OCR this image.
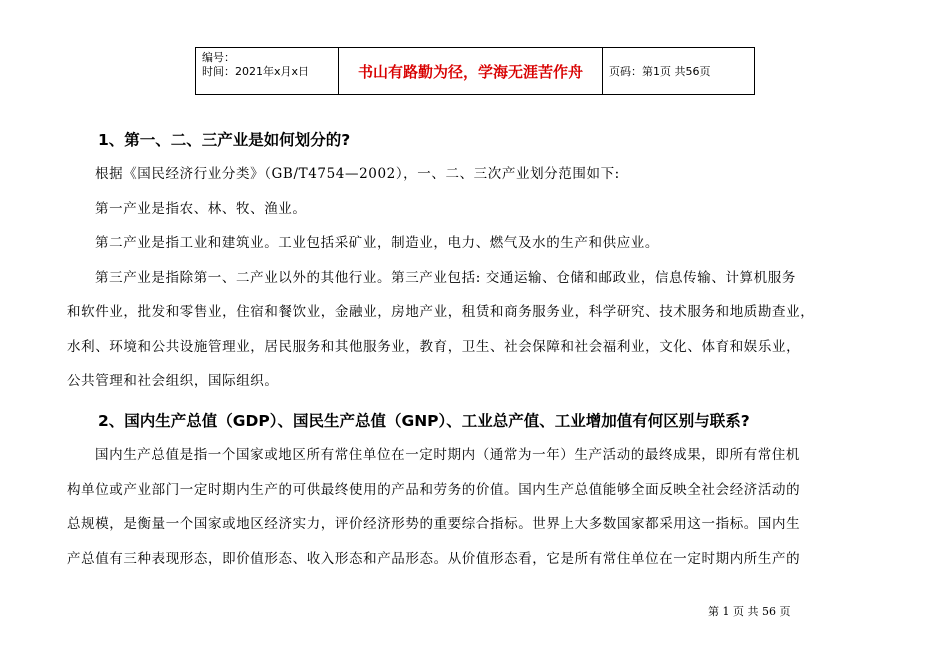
编号：
时间：2021年x月x日	书山有路勤为径，学海无涯苦作舟	页码：第1页 共56页
1、第一、二、三产业是如何划分的?
根据《国民经济行业分类》（GB/T4754—2002），一、二、三次产业划分范围如下:
第一产业是指农、林、牧、渔业。
第二产业是指工业和建筑业。工业包括采矿业，制造业，电力、燃气及水的生产和供应业。
第三产业是指除第一、二产业以外的其他行业。第三产业包括: 交通运输、仓储和邮政业，信息传输、计算机服务
和软件业，批发和零售业，住宿和餐饮业，金融业，房地产业，租赁和商务服务业，科学研究、技术服务和地质勘查业，
水利、环境和公共设施管理业，居民服务和其他服务业，教育，卫生、社会保障和社会福利业，文化、体育和娱乐业，
公共管理和社会组织，国际组织。
2、国内生产总值（GDP）、国民生产总值（GNP）、工业总产值、工业增加值有何区别与联系?
国内生产总值是指一个国家或地区所有常住单位在一定时期内（通常为一年）生产活动的最终成果，即所有常住机
构单位或产业部门一定时期内生产的可供最终使用的产品和劳务的价值。国内生产总值能够全面反映全社会经济活动的
总规模，是衡量一个国家或地区经济实力，评价经济形势的重要综合指标。世界上大多数国家都采用这一指标。国内生
产总值有三种表现形态，即价值形态、收入形态和产品形态。从价值形态看，它是所有常住单位在一定时期内所生产的
第 1 页 共 56 页
